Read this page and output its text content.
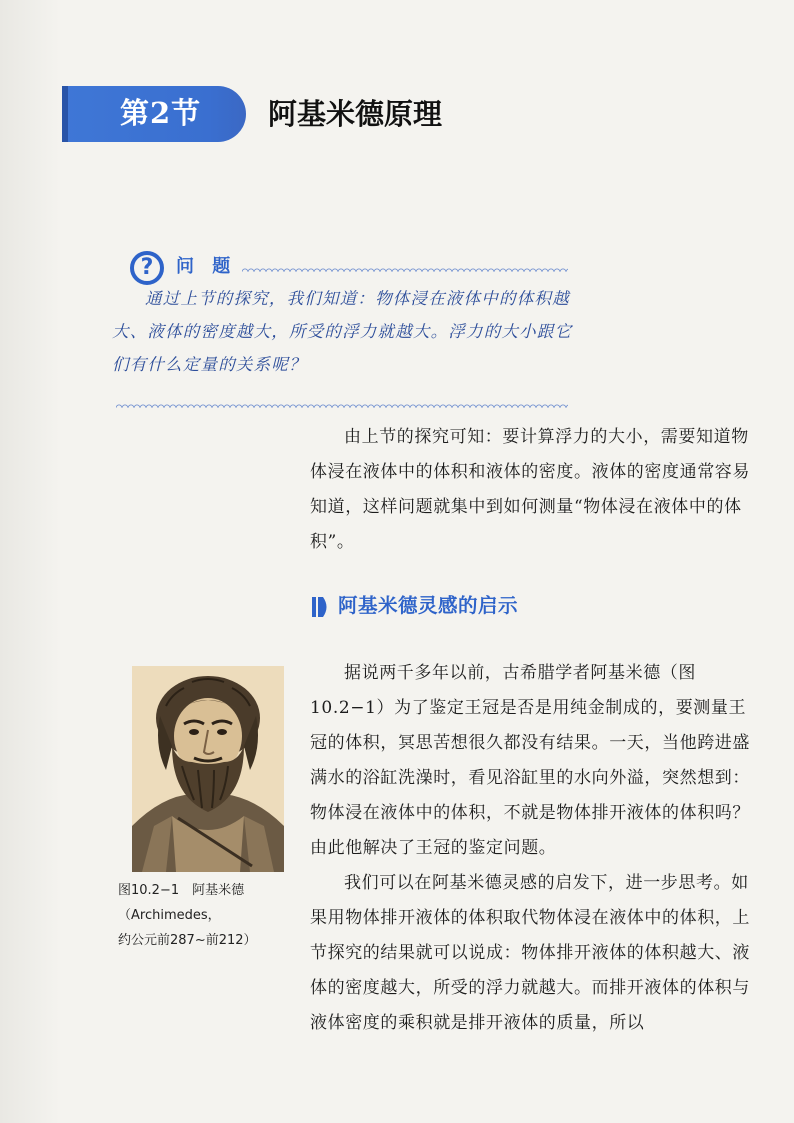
第2节 阿基米德原理
?	问 题
通过上节的探究，我们知道：物体浸在液体中的体积越大、液体的密度越大，所受的浮力就越大。浮力的大小跟它们有什么定量的关系呢？
由上节的探究可知：要计算浮力的大小，需要知道物体浸在液体中的体积和液体的密度。液体的密度通常容易知道，这样问题就集中到如何测量“物体浸在液体中的体积”。
阿基米德灵感的启示
图10.2−1　阿基米德
（Archimedes，
约公元前287~前212）

据说两千多年以前，古希腊学者阿基米德（图10.2−1）为了鉴定王冠是否是用纯金制成的，要测量王冠的体积，冥思苦想很久都没有结果。一天，当他跨进盛满水的浴缸洗澡时，看见浴缸里的水向外溢，突然想到：物体浸在液体中的体积，不就是物体排开液体的体积吗？由此他解决了王冠的鉴定问题。

我们可以在阿基米德灵感的启发下，进一步思考。如果用物体排开液体的体积取代物体浸在液体中的体积，上节探究的结果就可以说成：物体排开液体的体积越大、液体的密度越大，所受的浮力就越大。而排开液体的体积与液体密度的乘积就是排开液体的质量，所以
